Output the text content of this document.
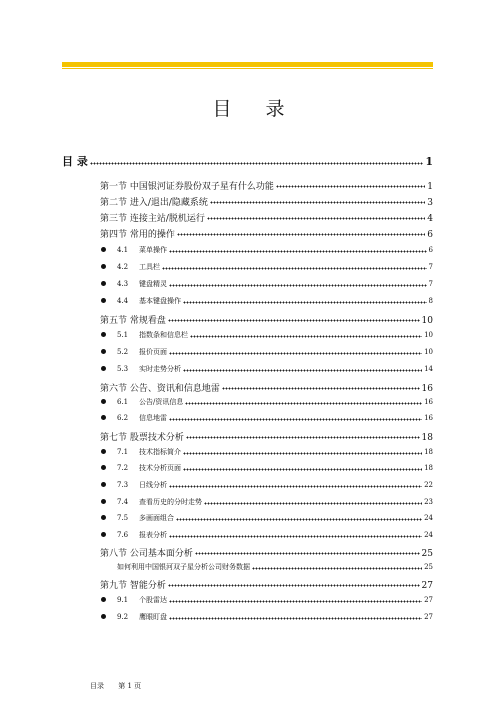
目 录
目 录	1
第一节 中国银河证券股份双子星有什么功能	1
第二节 进入/退出/隐藏系统	3
第三节 连接主站/脱机运行	4
第四节 常用的操作	6
4.1	菜单操作	6
4.2	工具栏	7
4.3	键盘精灵	7
4.4	基本键盘操作	8
第五节 常规看盘	10
5.1	指数条和信息栏	10
5.2	报价页面	10
5.3	实时走势分析	14
第六节 公告、资讯和信息地雷	16
6.1	公告/资讯信息	16
6.2	信息地雷	16
第七节 股票技术分析	18
7.1	技术指标简介	18
7.2	技术分析页面	18
7.3	日线分析	22
7.4	查看历史的分时走势	23
7.5	多画面组合	24
7.6	报表分析	24
第八节 公司基本面分析	25
如何利用中国银河双子星分析公司财务数据	25
第九节 智能分析	27
9.1	个股雷达	27
9.2	鹰眼盯盘	27
目录 第 1 页
